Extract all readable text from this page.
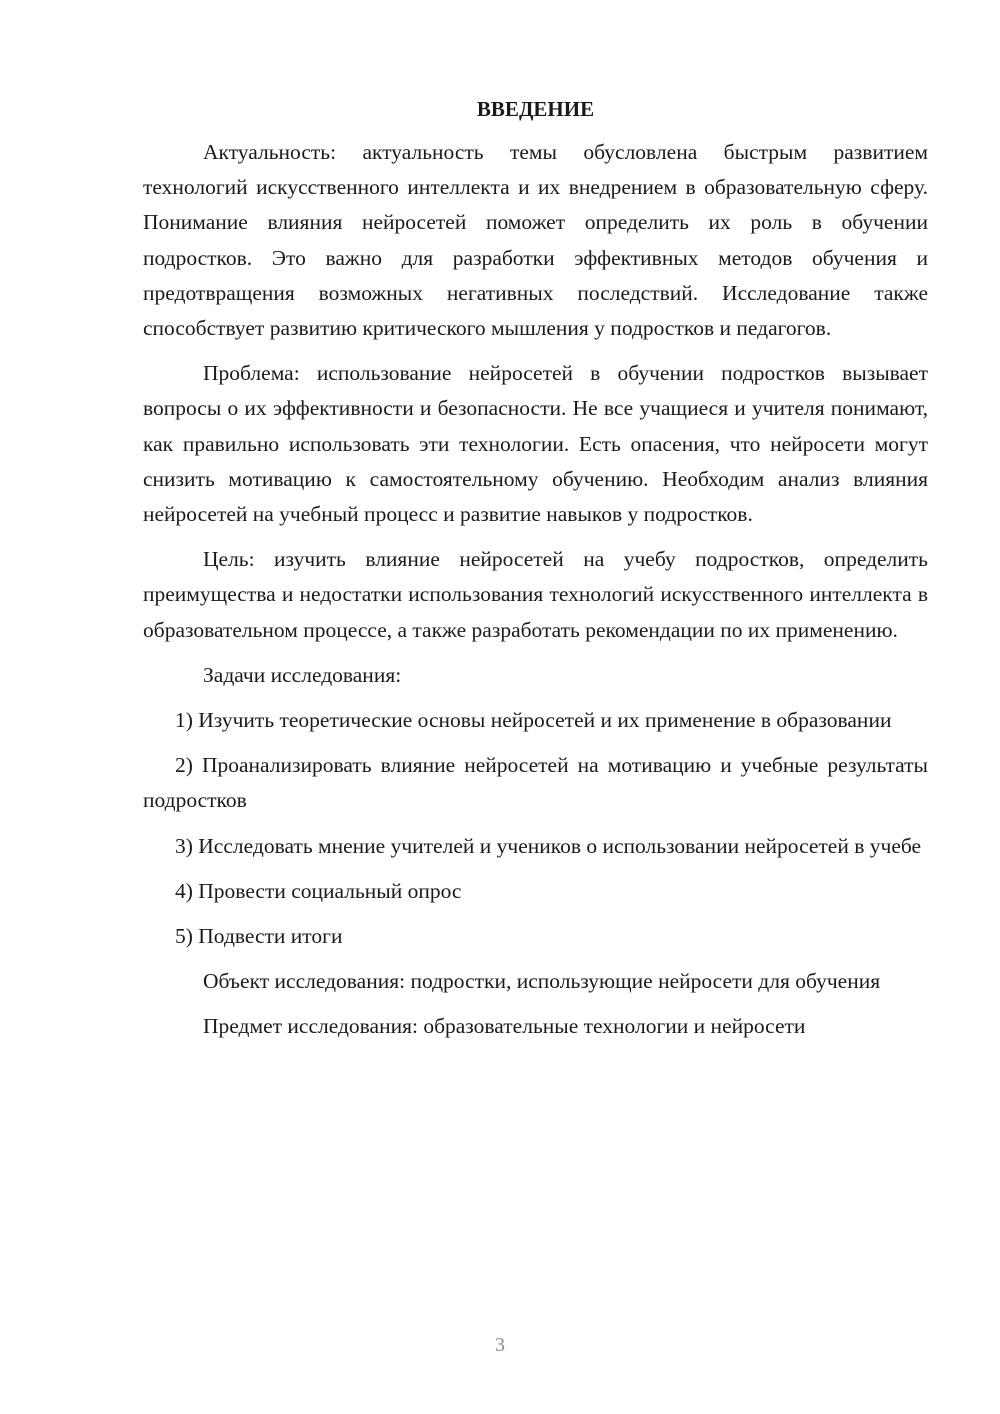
ВВЕДЕНИЕ

Актуальность: актуальность темы обусловлена быстрым развитием технологий искусственного интеллекта и их внедрением в образовательную сферу. Понимание влияния нейросетей поможет определить их роль в обучении подростков. Это важно для разработки эффективных методов обучения и предотвращения возможных негативных последствий. Исследование также способствует развитию критического мышления у подростков и педагогов.

Проблема: использование нейросетей в обучении подростков вызывает вопросы о их эффективности и безопасности. Не все учащиеся и учителя понимают, как правильно использовать эти технологии. Есть опасения, что нейросети могут снизить мотивацию к самостоятельному обучению. Необходим анализ влияния нейросетей на учебный процесс и развитие навыков у подростков.

Цель: изучить влияние нейросетей на учебу подростков, определить преимущества и недостатки использования технологий искусственного интеллекта в образовательном процессе, а также разработать рекомендации по их применению.

Задачи исследования:

1) Изучить теоретические основы нейросетей и их применение в образовании

2) Проанализировать влияние нейросетей на мотивацию и учебные результаты подростков

3) Исследовать мнение учителей и учеников о использовании нейросетей в учебе

4) Провести социальный опрос

5) Подвести итоги

Объект исследования: подростки, использующие нейросети для обучения

Предмет исследования: образовательные технологии и нейросети

3
